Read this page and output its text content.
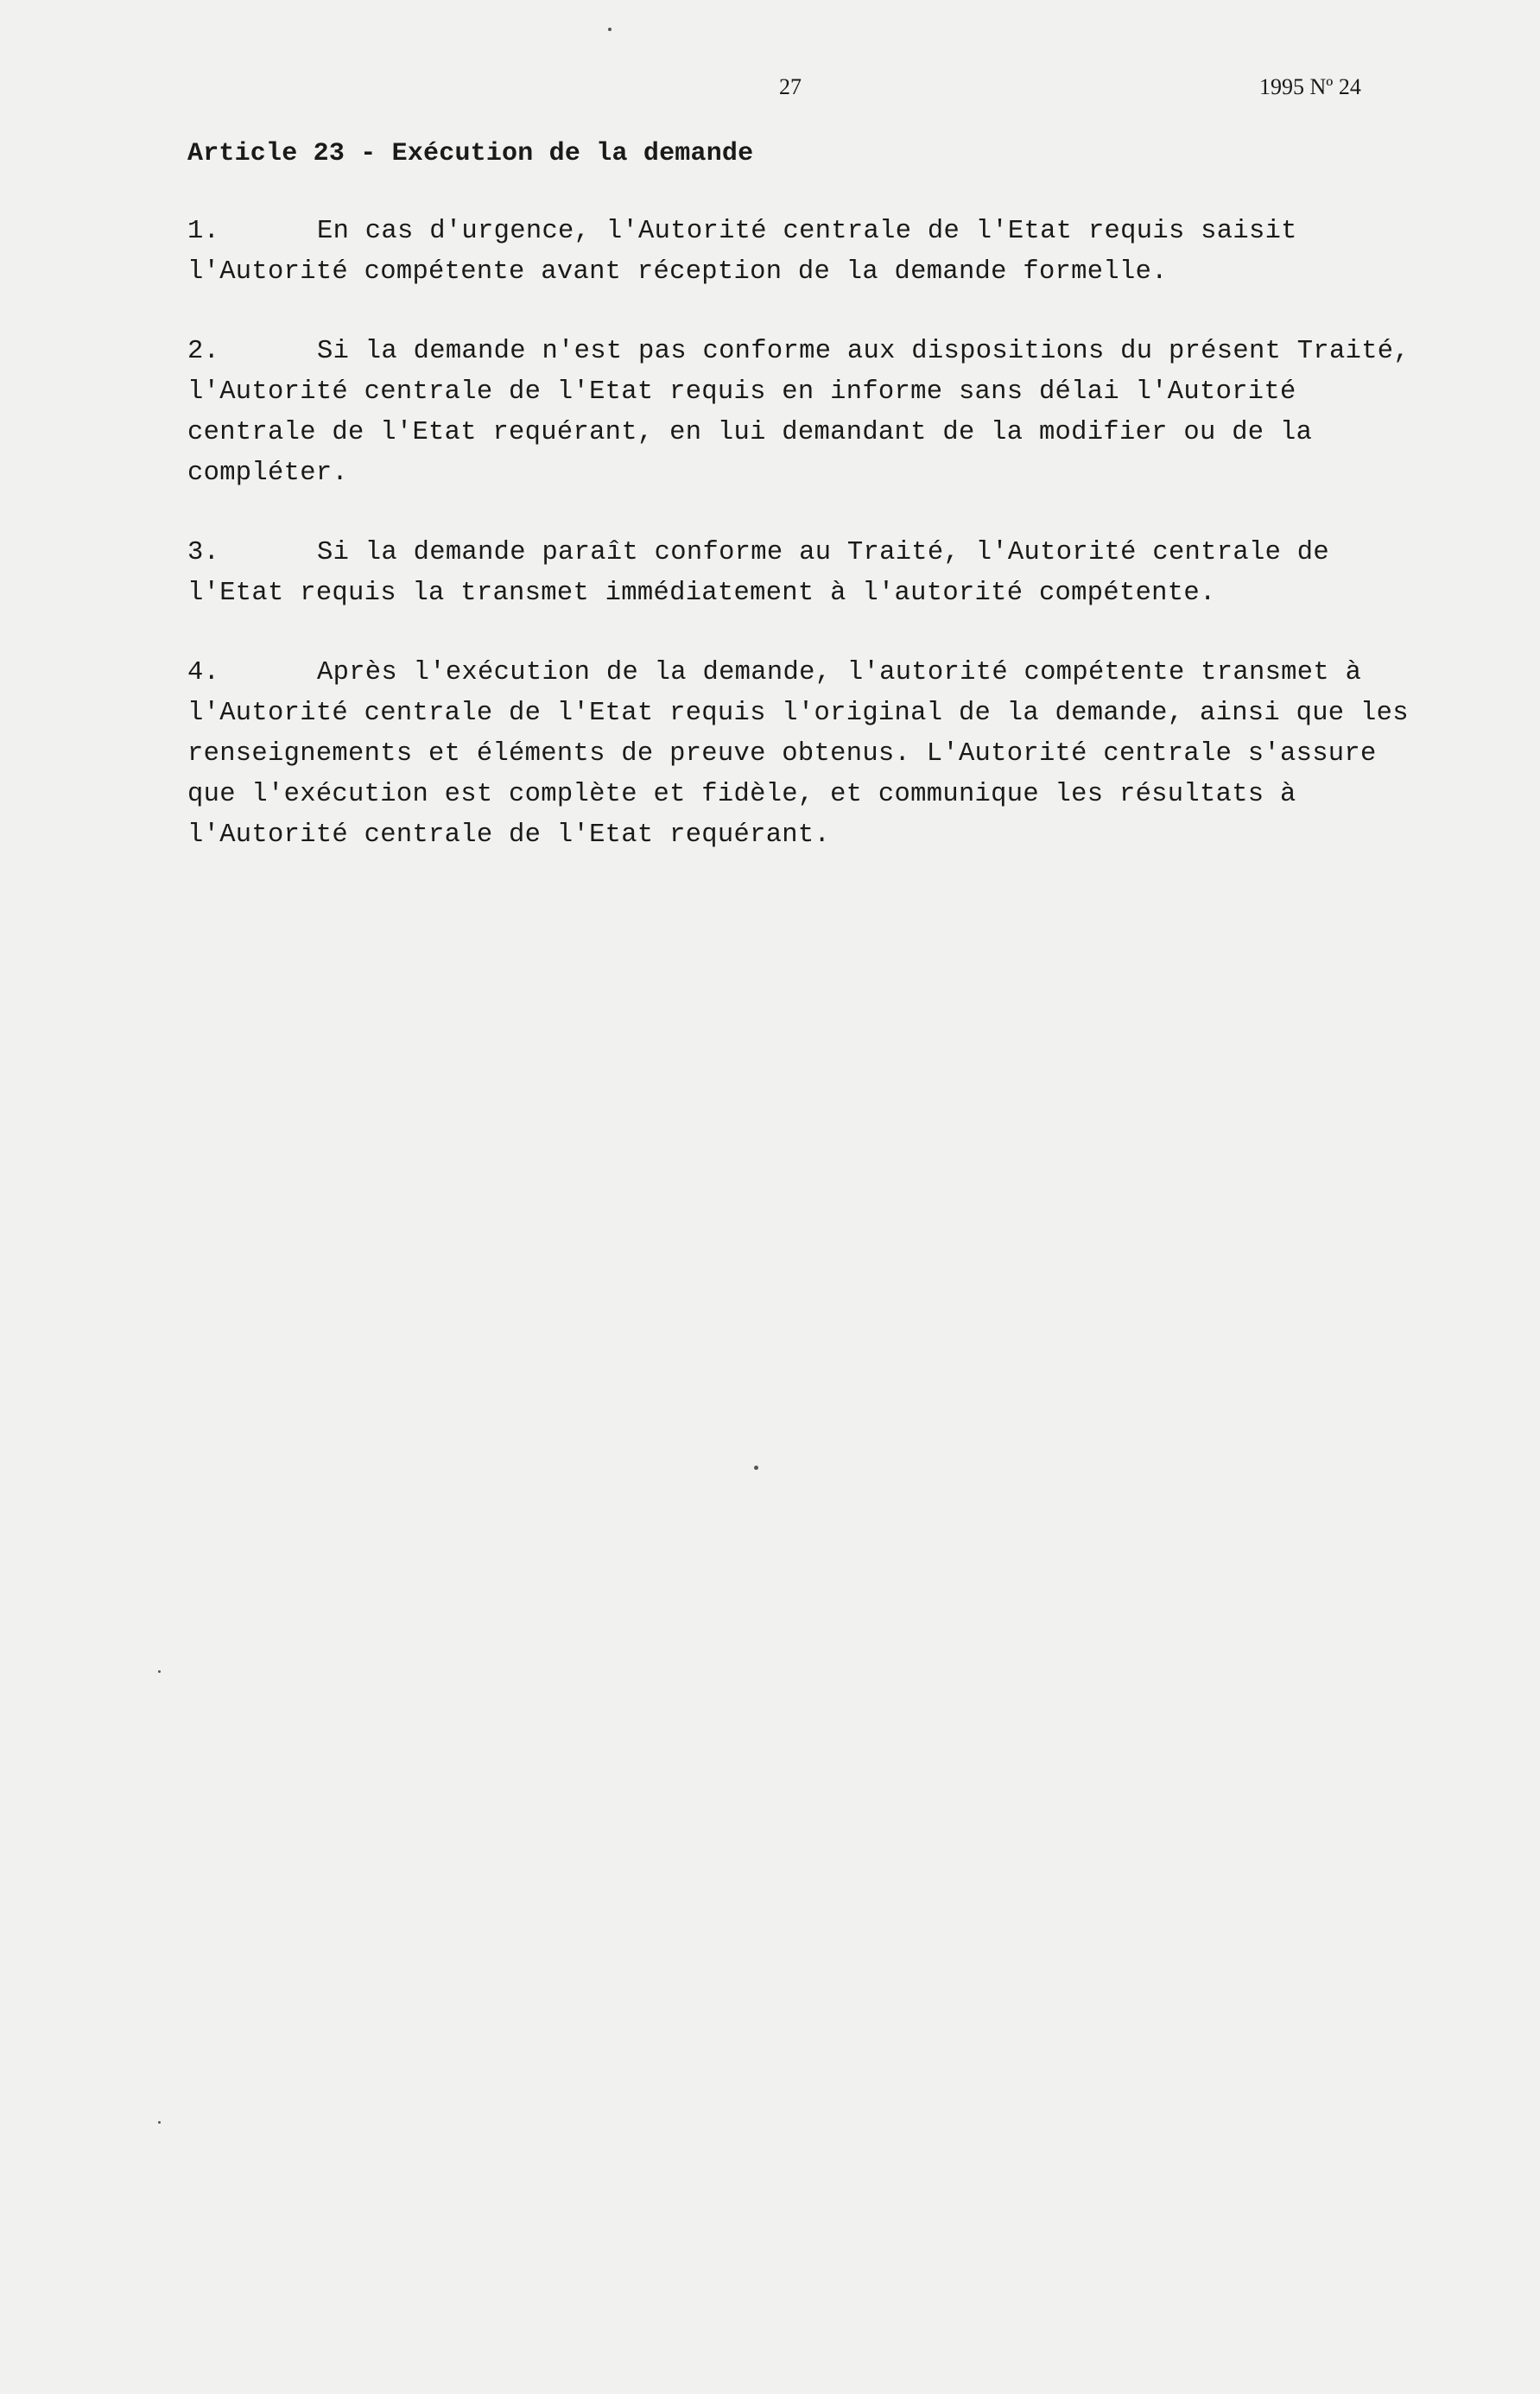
27	1995 Nº 24
Article 23 - Exécution de la demande

1.	En cas d'urgence, l'Autorité centrale de l'Etat requis saisit l'Autorité compétente avant réception de la demande formelle.

2.	Si la demande n'est pas conforme aux dispositions du présent Traité, l'Autorité centrale de l'Etat requis en informe sans délai l'Autorité centrale de l'Etat requérant, en lui demandant de la modifier ou de la compléter.

3.	Si la demande paraît conforme au Traité, l'Autorité centrale de l'Etat requis la transmet immédiatement à l'autorité compétente.

4.	Après l'exécution de la demande, l'autorité compétente transmet à l'Autorité centrale de l'Etat requis l'original de la demande, ainsi que les renseignements et éléments de preuve obtenus. L'Autorité centrale s'assure que l'exécution est complète et fidèle, et communique les résultats à l'Autorité centrale de l'Etat requérant.
